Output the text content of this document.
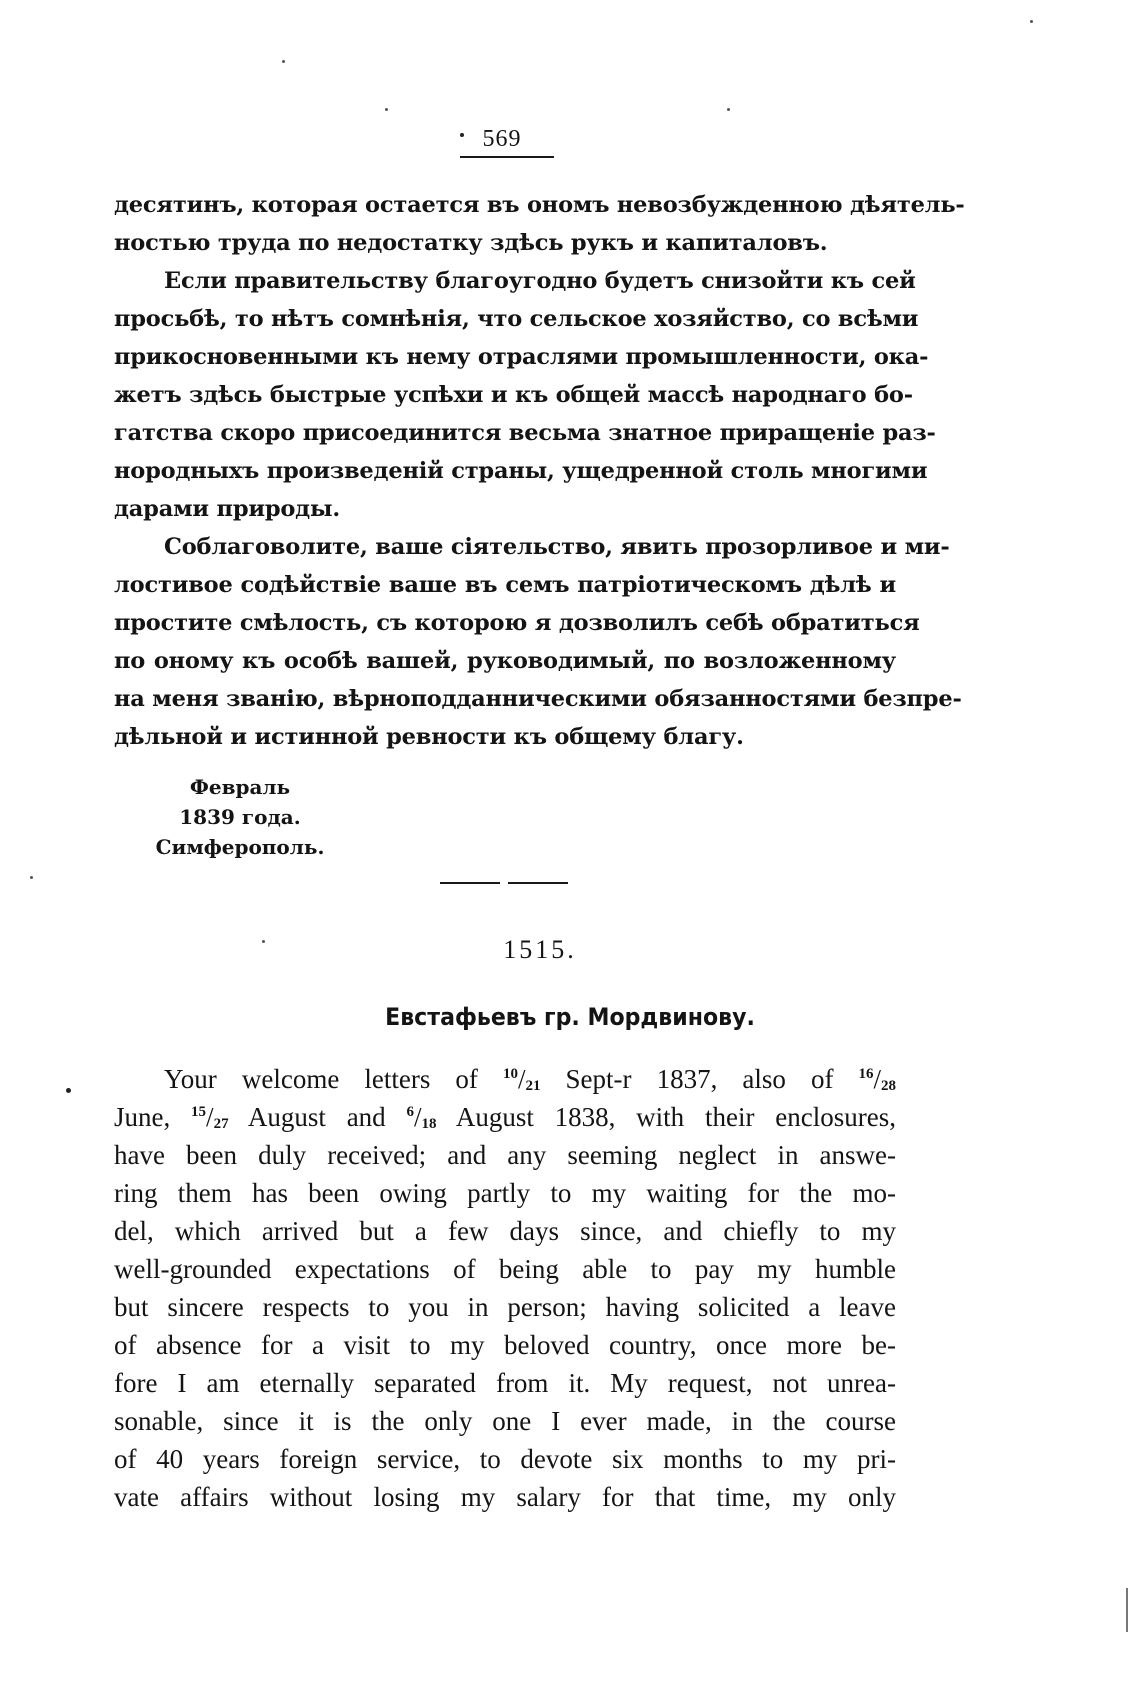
569
десятинъ, которая остается въ ономъ невозбужденною дѣятель-
ностью труда по недостатку здѣсь рукъ и капиталовъ.
Если правительству благоугодно будетъ снизойти къ сей
просьбѣ, то нѣтъ сомнѣнія, что сельское хозяйство, со всѣми
прикосновенными къ нему отраслями промышленности, ока-
жетъ здѣсь быстрые успѣхи и къ общей массѣ народнаго бо-
гатства скоро присоединится весьма знатное приращеніе раз-
нородныхъ произведеній страны, ущедренной столь многими
дарами природы.
Соблаговолите, ваше сіятельство, явить прозорливое и ми-
лостивое содѣйствіе ваше въ семъ патріотическомъ дѣлѣ и
простите смѣлость, съ которою я дозволилъ себѣ обратиться
по оному къ особѣ вашей, руководимый, по возложенному
на меня званію, вѣрноподданническими обязанностями безпре-
дѣльной и истинной ревности къ общему благу.
Февраль
1839 года.
Симферополь.
1515.
Евстафьевъ гр. Мордвинову.
Your welcome letters of $^{10}/_{21}$ Sept-r 1837, also of $^{16}/_{28}$
June, $^{15}/_{27}$ August and $^6/_{18}$ August 1838, with their enclosures,
have been duly received; and any seeming neglect in answe-
ring them has been owing partly to my waiting for the mo-
del, which arrived but a few days since, and chiefly to my
well-grounded expectations of being able to pay my humble
but sincere respects to you in person; having solicited a leave
of absence for a visit to my beloved country, once more be-
fore I am eternally separated from it. My request, not unrea-
sonable, since it is the only one I ever made, in the course
of 40 years foreign service, to devote six months to my pri-
vate affairs without losing my salary for that time, my only
